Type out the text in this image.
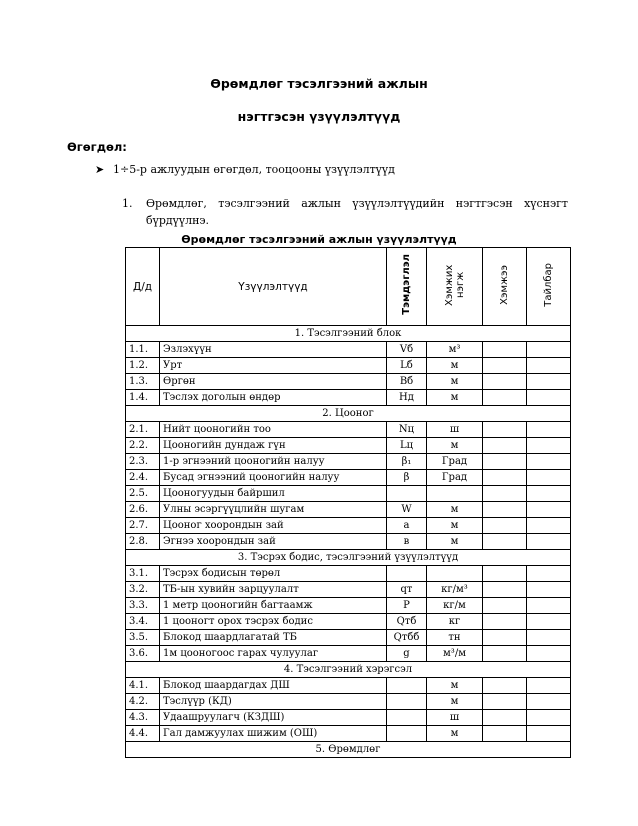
Өрөмдлөг тэсэлгээний ажлын
нэгтгэсэн үзүүлэлтүүд
Өгөгдөл:
➤ 1÷5-р ажлуудын өгөгдөл, тооцооны үзүүлэлтүүд
1. Өрөмдлөг, тэсэлгээний ажлын үзүүлэлтүүдийн нэгтгэсэн хүснэгт
бүрдүүлнэ.
Өрөмдлөг тэсэлгээний ажлын үзүүлэлтүүд
Д/д	Үзүүлэлтүүд	Тэмдэглэл	Хэмжих нэгж	Хэмжээ	Тайлбар
1. Тэсэлгээний блок					
1.1.	Эзлэхүүн	Vб	м³		
1.2.	Урт	Lб	м		
1.3.	Өргөн	Вб	м		
1.4.	Тэслэх доголын өндөр	Нд	м		
2. Цооног					
2.1.	Нийт цооногийн тоо	Nц	ш		
2.2.	Цооногийн дундаж гүн	Lц	м		
2.3.	1-р эгнээний цооногийн налуу	β₁	Град		
2.4.	Бусад эгнээний цооногийн налуу	β	Град		
2.5.	Цооногуудын байршил				
2.6.	Улны эсэргүүцлийн шугам	W	м		
2.7.	Цооног хоорондын зай	а	м		
2.8.	Эгнээ хоорондын зай	в	м		
3. Тэсрэх бодис, тэсэлгээний үзүүлэлтүүд					
3.1.	Тэсрэх бодисын төрөл				
3.2.	ТБ-ын хувийн зарцуулалт	qт	кг/м³		
3.3.	1 метр цооногийн багтаамж	Р	кг/м		
3.4.	1 цооногт орох тэсрэх бодис	Qтб	кг		
3.5.	Блокод шаардлагатай ТБ	Qтбб	тн		
3.6.	1м цооногоос гарах чулуулаг	g	м³/м		
4. Тэсэлгээний хэрэгсэл					
4.1.	Блокод шаардагдах ДШ		м		
4.2.	Тэслүүр (КД)		м		
4.3.	Удаашруулагч (КЗДШ)		ш		
4.4.	Гал дамжуулах шижим (ОШ)		м		
5. Өрөмдлөг					
